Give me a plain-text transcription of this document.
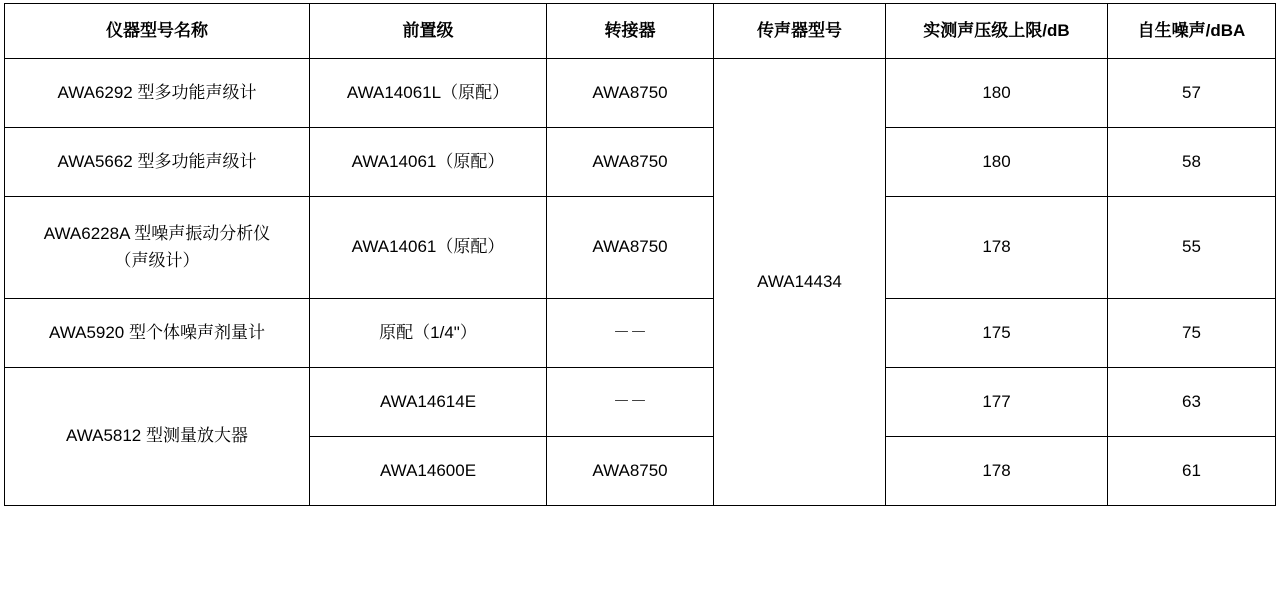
仪器型号名称	前置级	转接器	传声器型号	实测声压级上限/dB	自生噪声/dBA
AWA6292 型多功能声级计	AWA14061L（原配）	AWA8750	AWA14434	180	57
AWA5662 型多功能声级计	AWA14061（原配）	AWA8750		180	58

AWA6228A 型噪声振动分析仪
（声级计）	AWA14061（原配）	AWA8750		178	55
AWA5920 型个体噪声剂量计	原配（1/4"）	－－		175	75
AWA5812 型测量放大器	AWA14614E	－－		177	63
	AWA14600E	AWA8750		178	61
